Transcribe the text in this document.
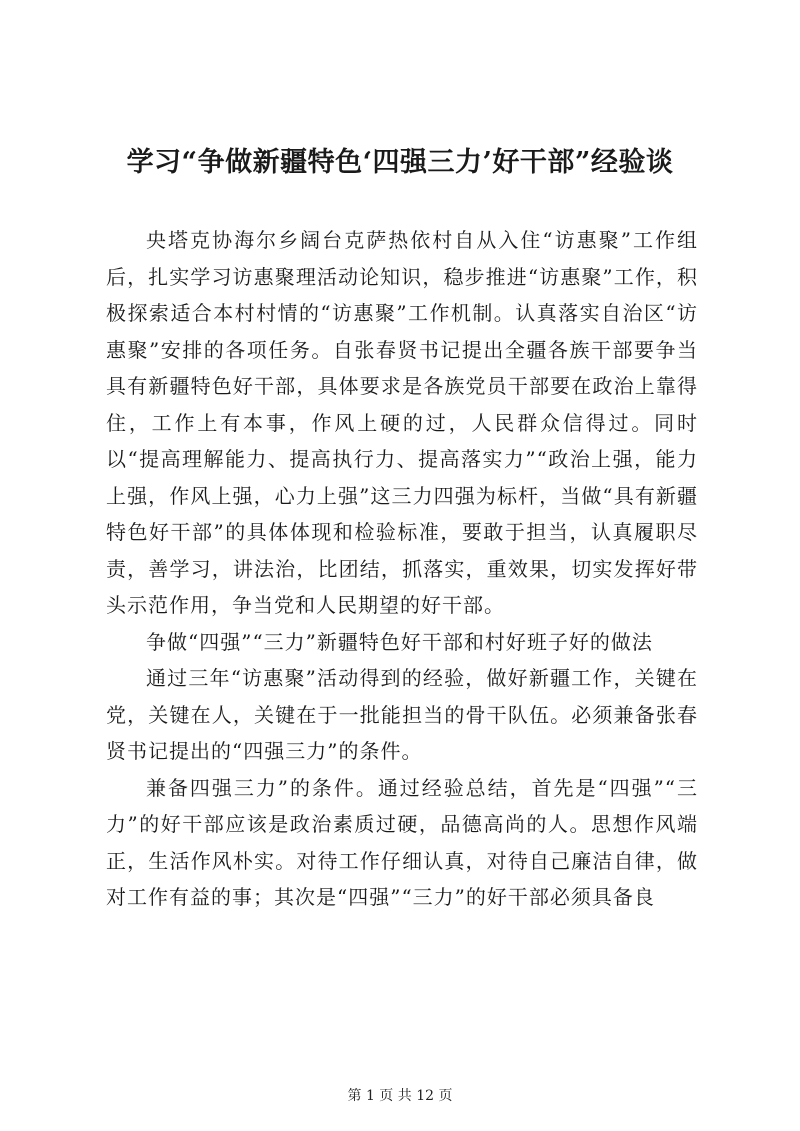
学习“争做新疆特色‘四强三力’好干部”经验谈

央塔克协海尔乡阔台克萨热依村自从入住“访惠聚”工作组后，扎实学习访惠聚理活动论知识，稳步推进“访惠聚”工作，积极探索适合本村村情的“访惠聚”工作机制。认真落实自治区“访惠聚”安排的各项任务。自张春贤书记提出全疆各族干部要争当具有新疆特色好干部，具体要求是各族党员干部要在政治上靠得住，工作上有本事，作风上硬的过，人民群众信得过。同时以“提高理解能力、提高执行力、提高落实力”“政治上强，能力上强，作风上强，心力上强”这三力四强为标杆，当做“具有新疆特色好干部”的具体体现和检验标准，要敢于担当，认真履职尽责，善学习，讲法治，比团结，抓落实，重效果，切实发挥好带头示范作用，争当党和人民期望的好干部。

争做“四强”“三力”新疆特色好干部和村好班子好的做法

通过三年“访惠聚”活动得到的经验，做好新疆工作，关键在党，关键在人，关键在于一批能担当的骨干队伍。必须兼备张春贤书记提出的“四强三力”的条件。

兼备四强三力”的条件。通过经验总结，首先是“四强”“三力”的好干部应该是政治素质过硬，品德高尚的人。思想作风端正，生活作风朴实。对待工作仔细认真，对待自己廉洁自律，做对工作有益的事；其次是“四强”“三力”的好干部必须具备良

第 1 页 共 12 页
